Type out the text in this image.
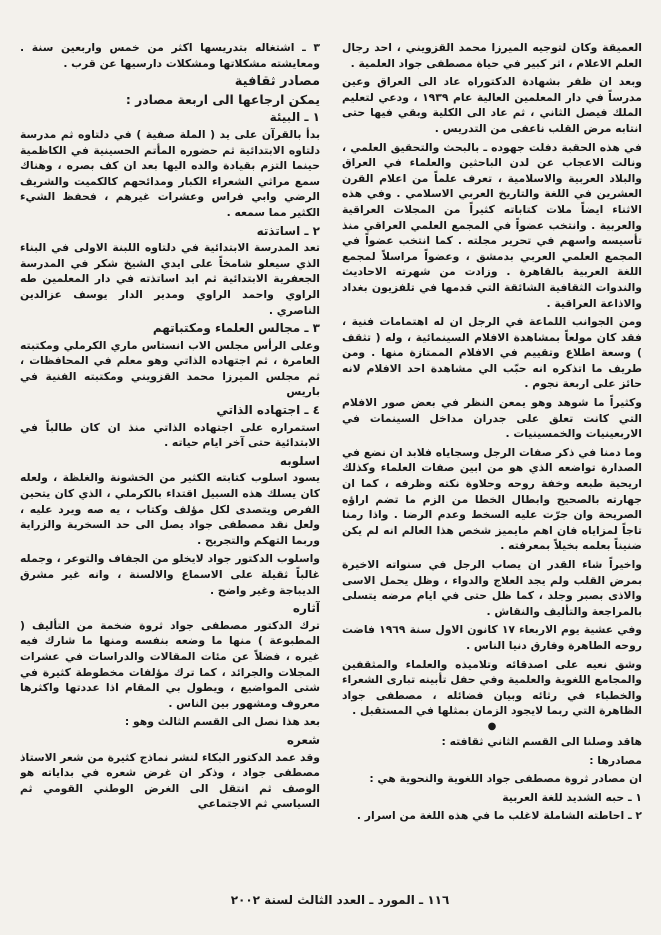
العميقة وكان لتوجيه الميرزا محمد القزويني ، احد رجال العلم الاعلام ، اثر كبير في حياة مصطفى جواد العلمية .

وبعد ان ظفر بشهادة الدكتوراه عاد الى العراق وعين مدرساً في دار المعلمين العالية عام ١٩٣٩ ، ودعي لتعليم الملك فيصل الثاني ، ثم عاد الى الكلية وبقي فيها حتى انتابه مرض القلب ناعفى من التدريس .

في هذه الحقبة دفلت جهوده ـ بالبحث والتحقيق العلمي ، ونالت الاعجاب عن لدن الباحثين والعلماء في العراق والبلاد العربية والاسلامية ، تعرف علماً من اعلام القرن العشرين في اللغة والتاريخ العربي الاسلامي . وفي هذه الاثناء ايضاً ملات كتاباته كثيراً من المجلات العراقية والعربية . وانتخب عضواً في المجمع العلمي العراقي منذ تأسيسه واسهم في تحرير مجلته . كما انتخب عضواً في المجمع العلمي العربي بدمشق ، وعضواً مراسلاً لمجمع اللغة العربية بالقاهرة . وزادت من شهرته الاحاديث والندوات الثقافية الشائقة التي قدمها في تلفزيون بغداد والاذاعة العراقية .

ومن الجوانب اللماعة في الرجل ان له اهتمامات فنية ، فقد كان مولعاً بمشاهدة الافلام السينمائية ، وله ( تثقف ) وسعة اطلاع وتقييم في الافلام الممتازة منها . ومن طريف ما اتذكره انه حبّب الي مشاهدة احد الافلام لانه حائز على اربعة نجوم .

وكثيراً ما شوهد وهو يمعن النظر في بعض صور الافلام التي كانت تعلق على جدران مداخل السينمات في الاربعينيات والخمسينيات .

وما دمنا في ذكر صفات الرجل وسجاياه فلابد ان نضع في الصدارة تواضعه الذي هو من ابين صفات العلماء وكذلك اريحية طبعه وخفة روحه وحلاوة نكته وظرفه ، كما ان جهارته بالصحيح وابطال الخطا من الزم ما تضم اراؤه الصريحة وان جرّت عليه السخط وعدم الرضا . واذا رمنا تاجاً لمزاياه فان اهم مايميز شخص هذا العالم انه لم يكن ضنيناً بعلمه بخيلاً بمعرفته .

واخيراً شاء القدر ان يصاب الرجل في سنواته الاخيرة بمرض القلب ولم يجد العلاج والدواء ، وظل يحمل الاسى والاذى بصبر وجلد ، كما ظل حتى في ايام مرضه يتسلى بالمراجعة والتأليف والنقاش .

وفي عشية يوم الاربعاء ١٧ كانون الاول سنة ١٩٦٩ فاضت روحه الطاهرة وفارق دنيا الناس .

وشق نعيه على اصدقائه وتلاميذه والعلماء والمثقفين والمجامع اللغوية والعلمية وفي حفل تأبينه تبارى الشعراء والخطباء في رثائه وبيان فضائله ، مصطفى جواد الظاهرة التي ربما لايجود الزمان بمثلها في المستقبل .

●

هاقد وصلنا الى القسم الثاني ثقافته :

مصادرها :

ان مصادر ثروة مصطفى جواد اللغوية والنحوية هي :

١ ـ حبه الشديد للغة العربية

٢ ـ احاطته الشاملة لاغلب ما في هذه اللغة من اسرار .

٣ ـ اشتغاله بتدريسها اكثر من خمس واربعين سنة . ومعايشته مشكلاتها ومشكلات دارسيها عن قرب .

مصادر ثقافية
يمكن ارجاعها الى اربعة مصادر :
١ ـ البيئة

بدأ بالقرآن على يد ( الملة صفية ) في دلتاوه ثم مدرسة دلتاوه الابتدائية ثم حضوره المأتم الحسينية في الكاظمية حينما التزم بقيادة والده اليها بعد ان كف بصره ، وهناك سمع مراثي الشعراء الكبار ومدائحهم كالكميت والشريف الرضي وابي فراس وعشرات غيرهم ، فحفظ الشيء الكثير مما سمعه .

٢ ـ اساتذته

تعد المدرسة الابتدائية في دلتاوه اللبنة الاولى في البناء الذي سيعلو شامخاً على ايدي الشيخ شكر في المدرسة الجعفرية الابتدائية ثم ابد اساتذته في دار المعلمين طه الراوي واحمد الراوي ومدير الدار يوسف عزالدين الناصري .

٣ ـ مجالس العلماء ومكتباتهم

وعلى الرأس مجلس الاب انستاس ماري الكرملي ومكتبته العامرة ، ثم اجتهاده الذاتي وهو معلم في المحافظات ، ثم مجلس الميرزا محمد القزويني ومكتبته الفنية في باريس

٤ ـ اجتهاده الذاتي

استمراره على اجتهاده الذاتي منذ ان كان طالباً في الابتدائية حتى آخر ايام حياته .

اسلوبه

يسود اسلوب كتابته الكثير من الخشونة والغلظة ، ولعله كان يسلك هذه السبيل اقتداء بالكرملي ، الذي كان يتحين الفرص ويتصدى لكل مؤلف وكتاب ، يه صه ويرد عليه ، ولعل نقد مصطفى جواد يصل الى حد السخرية والزراية وربما التهكم والتجريح .

واسلوب الدكتور جواد لايخلو من الجفاف والتوعر ، وجمله غالباً ثقيلة على الاسماع والالسنة ، وانه غير مشرق الديباجة وغير واضح .

آثاره

ترك الدكتور مصطفى جواد ثروة ضخمة من التأليف ( المطبوعة ) منها ما وضعه بنفسه ومنها ما شارك فيه غيره ، فضلاً عن مئات المقالات والدراسات في عشرات المجلات والجرائد ، كما ترك مؤلفات مخطوطة كثيرة في شتى المواضيع ، ويطول بي المقام اذا عددتها واكثرها معروف ومشهور بين الناس .

بعد هذا نصل الى القسم الثالث وهو :

شعره

وقد عمد الدكتور البكاء لنشر نماذج كثيرة من شعر الاستاذ مصطفى جواد ، وذكر ان غرض شعره في بداياته هو الوصف ثم انتقل الى الغرض الوطني القومي ثم السياسي ثم الاجتماعي

١١٦ ـ المورد ـ العدد الثالث لسنة ٢٠٠٢
